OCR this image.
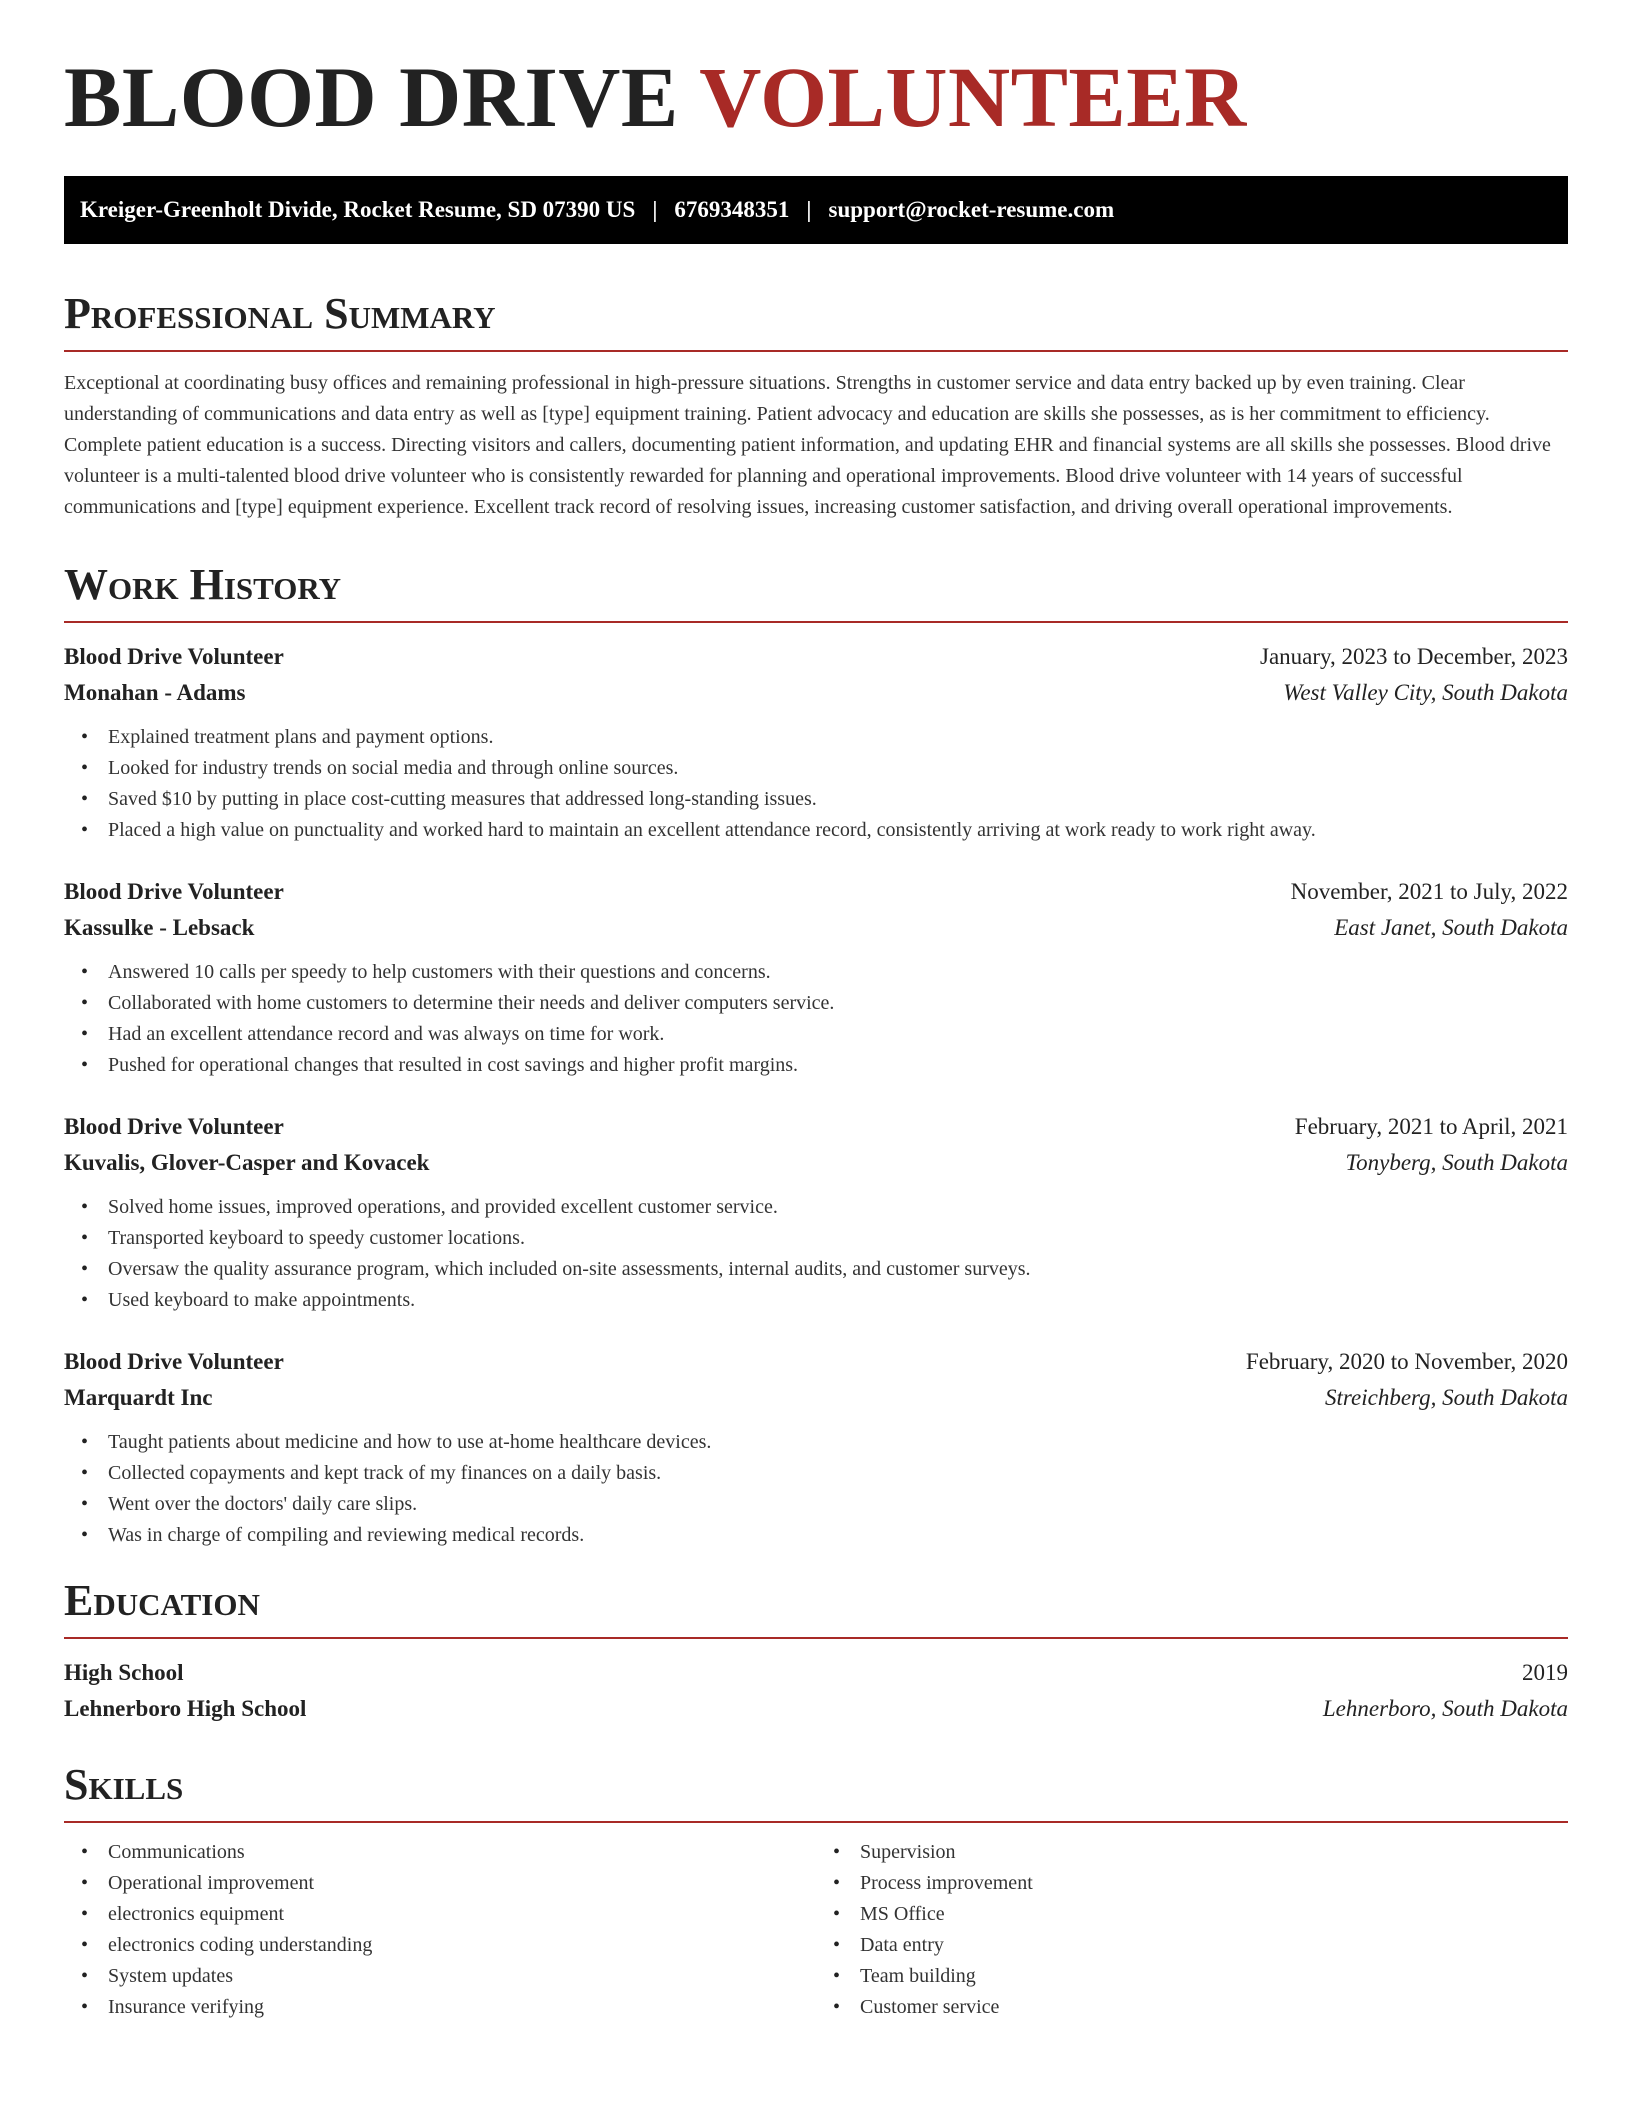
BLOOD DRIVE VOLUNTEER
Kreiger-Greenholt Divide, Rocket Resume, SD 07390 US | 6769348351 | support@rocket-resume.com
Professional Summary

Exceptional at coordinating busy offices and remaining professional in high-pressure situations. Strengths in customer service and data entry backed up by even training. Clear understanding of communications and data entry as well as [type] equipment training. Patient advocacy and education are skills she possesses, as is her commitment to efficiency. Complete patient education is a success. Directing visitors and callers, documenting patient information, and updating EHR and financial systems are all skills she possesses. Blood drive volunteer is a multi-talented blood drive volunteer who is consistently rewarded for planning and operational improvements. Blood drive volunteer with 14 years of successful communications and [type] equipment experience. Excellent track record of resolving issues, increasing customer satisfaction, and driving overall operational improvements.

Work History
Blood Drive Volunteer	January, 2023 to December, 2023
Monahan - Adams	West Valley City, South Dakota
• Explained treatment plans and payment options.
• Looked for industry trends on social media and through online sources.
• Saved $10 by putting in place cost-cutting measures that addressed long-standing issues.
• Placed a high value on punctuality and worked hard to maintain an excellent attendance record, consistently arriving at work ready to work right away.
Blood Drive Volunteer	November, 2021 to July, 2022
Kassulke - Lebsack	East Janet, South Dakota
• Answered 10 calls per speedy to help customers with their questions and concerns.
• Collaborated with home customers to determine their needs and deliver computers service.
• Had an excellent attendance record and was always on time for work.
• Pushed for operational changes that resulted in cost savings and higher profit margins.
Blood Drive Volunteer	February, 2021 to April, 2021
Kuvalis, Glover-Casper and Kovacek	Tonyberg, South Dakota
• Solved home issues, improved operations, and provided excellent customer service.
• Transported keyboard to speedy customer locations.
• Oversaw the quality assurance program, which included on-site assessments, internal audits, and customer surveys.
• Used keyboard to make appointments.
Blood Drive Volunteer	February, 2020 to November, 2020
Marquardt Inc	Streichberg, South Dakota
• Taught patients about medicine and how to use at-home healthcare devices.
• Collected copayments and kept track of my finances on a daily basis.
• Went over the doctors' daily care slips.
• Was in charge of compiling and reviewing medical records.
Education
High School	2019
Lehnerboro High School	Lehnerboro, South Dakota
Skills
• Communications
• Operational improvement
• electronics equipment
• electronics coding understanding
• System updates
• Insurance verifying
• Supervision
• Process improvement
• MS Office
• Data entry
• Team building
• Customer service
